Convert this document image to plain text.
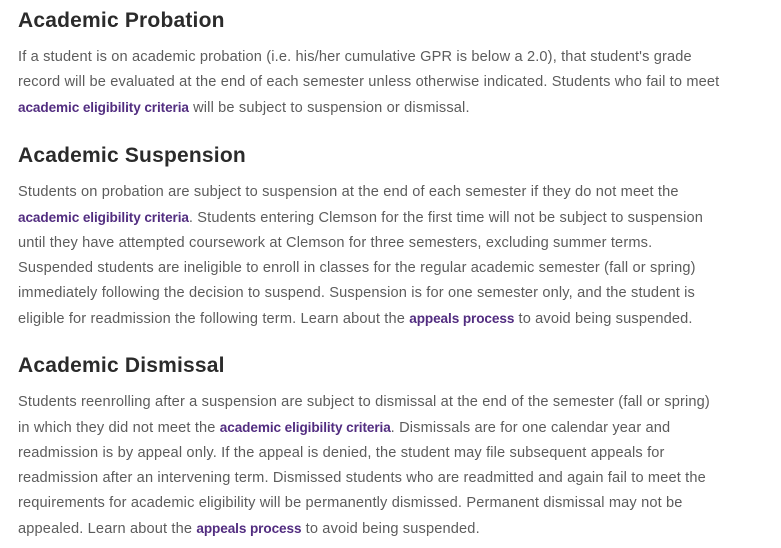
Academic Probation

If a student is on academic probation (i.e. his/her cumulative GPR is below a 2.0), that student's grade
record will be evaluated at the end of each semester unless otherwise indicated. Students who fail to meet
academic eligibility criteria will be subject to suspension or dismissal.

Academic Suspension

Students on probation are subject to suspension at the end of each semester if they do not meet the
academic eligibility criteria. Students entering Clemson for the first time will not be subject to suspension
until they have attempted coursework at Clemson for three semesters, excluding summer terms.
Suspended students are ineligible to enroll in classes for the regular academic semester (fall or spring)
immediately following the decision to suspend. Suspension is for one semester only, and the student is
eligible for readmission the following term. Learn about the appeals process to avoid being suspended.

Academic Dismissal

Students reenrolling after a suspension are subject to dismissal at the end of the semester (fall or spring)
in which they did not meet the academic eligibility criteria. Dismissals are for one calendar year and
readmission is by appeal only. If the appeal is denied, the student may file subsequent appeals for
readmission after an intervening term. Dismissed students who are readmitted and again fail to meet the
requirements for academic eligibility will be permanently dismissed. Permanent dismissal may not be
appealed. Learn about the appeals process to avoid being suspended.
